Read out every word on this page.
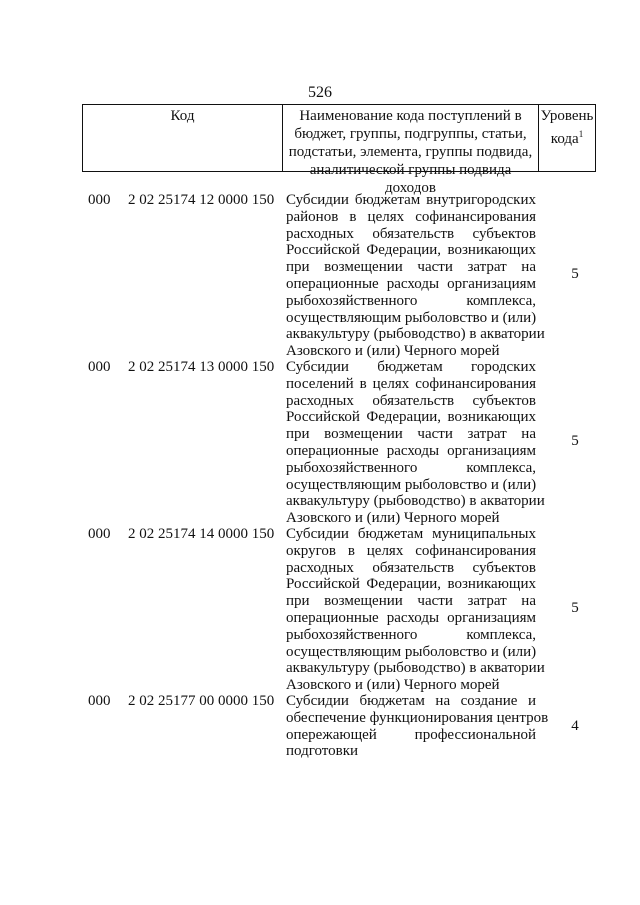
526
Код	Наименование кода поступлений в
бюджет, группы, подгруппы, статьи,
подстатьи, элемента, группы подвида,
аналитической группы подвида доходов
Уровень
кода$^1$
000 2 02 25174 12 0000 150 Субсидии бюджетам внутригородских
районов в целях софинансирования
расходных обязательств субъектов
Российской Федерации, возникающих
при возмещении части затрат на
операционные расходы организациям
рыбохозяйственного комплекса,
осуществляющим рыболовство и (или)
аквакультуру (рыбоводство) в акватории
Азовского и (или) Черного морей
5
000 2 02 25174 13 0000 150 Субсидии бюджетам городских
поселений в целях софинансирования
расходных обязательств субъектов
Российской Федерации, возникающих
при возмещении части затрат на
операционные расходы организациям
рыбохозяйственного комплекса,
осуществляющим рыболовство и (или)
аквакультуру (рыбоводство) в акватории
Азовского и (или) Черного морей
5
000 2 02 25174 14 0000 150 Субсидии бюджетам муниципальных
округов в целях софинансирования
расходных обязательств субъектов
Российской Федерации, возникающих
при возмещении части затрат на
операционные расходы организациям
рыбохозяйственного комплекса,
осуществляющим рыболовство и (или)
аквакультуру (рыбоводство) в акватории
Азовского и (или) Черного морей
5
000 2 02 25177 00 0000 150 Субсидии бюджетам на создание и
обеспечение функционирования центров
опережающей профессиональной
подготовки
4
